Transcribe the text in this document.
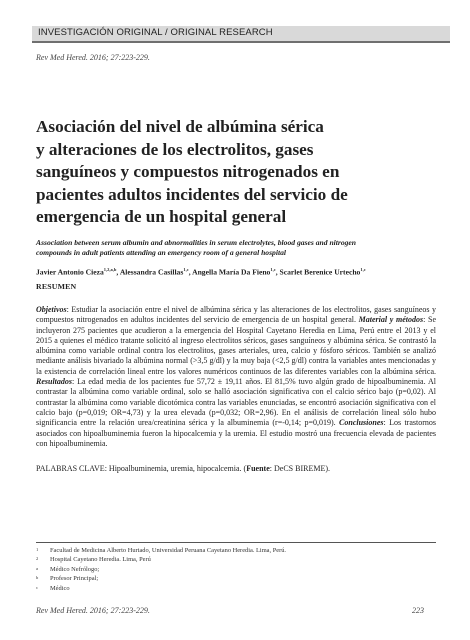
INVESTIGACIÓN ORIGINAL / ORIGINAL RESEARCH
Rev Med Hered. 2016; 27:223-229.
Asociación del nivel de albúmina sérica
y alteraciones de los electrolitos, gases
sanguíneos y compuestos nitrogenados en
pacientes adultos incidentes del servicio de
emergencia de un hospital general
Association between serum albumin and abnormalities in serum electrolytes, blood gases and nitrogen
compounds in adult patients attending an emergency room of a general hospital
Javier Antonio Cieza$^{1,2,a,b}$, Alessandra Casillas$^{1,c}$, Angella María Da Fieno$^{1,c}$, Scarlet Berenice Urtecho$^{1,c}$
RESUMEN
Objetivos: Estudiar la asociación entre el nivel de albúmina sérica y las alteraciones de los electrolitos, gases sanguíneos y compuestos nitrogenados en adultos incidentes del servicio de emergencia de un hospital general. Material y métodos: Se incluyeron 275 pacientes que acudieron a la emergencia del Hospital Cayetano Heredia en Lima, Perú entre el 2013 y el 2015 a quienes el médico tratante solicitó al ingreso electrolitos séricos, gases sanguíneos y albúmina sérica. Se contrastó la albúmina como variable ordinal contra los electrolitos, gases arteriales, urea, calcio y fósforo séricos. También se analizó mediante análisis bivariado la albúmina normal (>3,5 g/dl) y la muy baja (<2,5 g/dl) contra la variables antes mencionadas y la existencia de correlación lineal entre los valores numéricos continuos de las diferentes variables con la albúmina sérica. Resultados: La edad media de los pacientes fue 57,72 ± 19,11 años. El 81,5% tuvo algún grado de hipoalbuminemia. Al contrastar la albúmina como variable ordinal, solo se halló asociación significativa con el calcio sérico bajo (p=0,02). Al contrastar la albúmina como variable dicotómica contra las variables enunciadas, se encontró asociación significativa con el calcio bajo (p=0,019; OR=4,73) y la urea elevada (p=0,032; OR=2,96). En el análisis de correlación lineal sólo hubo significancia entre la relación urea/creatinina sérica y la albuminemia (r=-0,14; p=0,019). Conclusiones: Los trastornos asociados con hipoalbuminemia fueron la hipocalcemia y la uremia. El estudio mostró una frecuencia elevada de pacientes con hipoalbuminemia.
PALABRAS CLAVE: Hipoalbuminemia, uremia, hipocalcemia. (Fuente: DeCS BIREME).
1 Facultad de Medicina Alberto Hurtado, Universidad Peruana Cayetano Heredia. Lima, Perú.
2 Hospital Cayetano Heredia. Lima, Perú
a Médico Nefrólogo;
b Profesor Principal;
c Médico
Rev Med Hered. 2016; 27:223-229.	223
